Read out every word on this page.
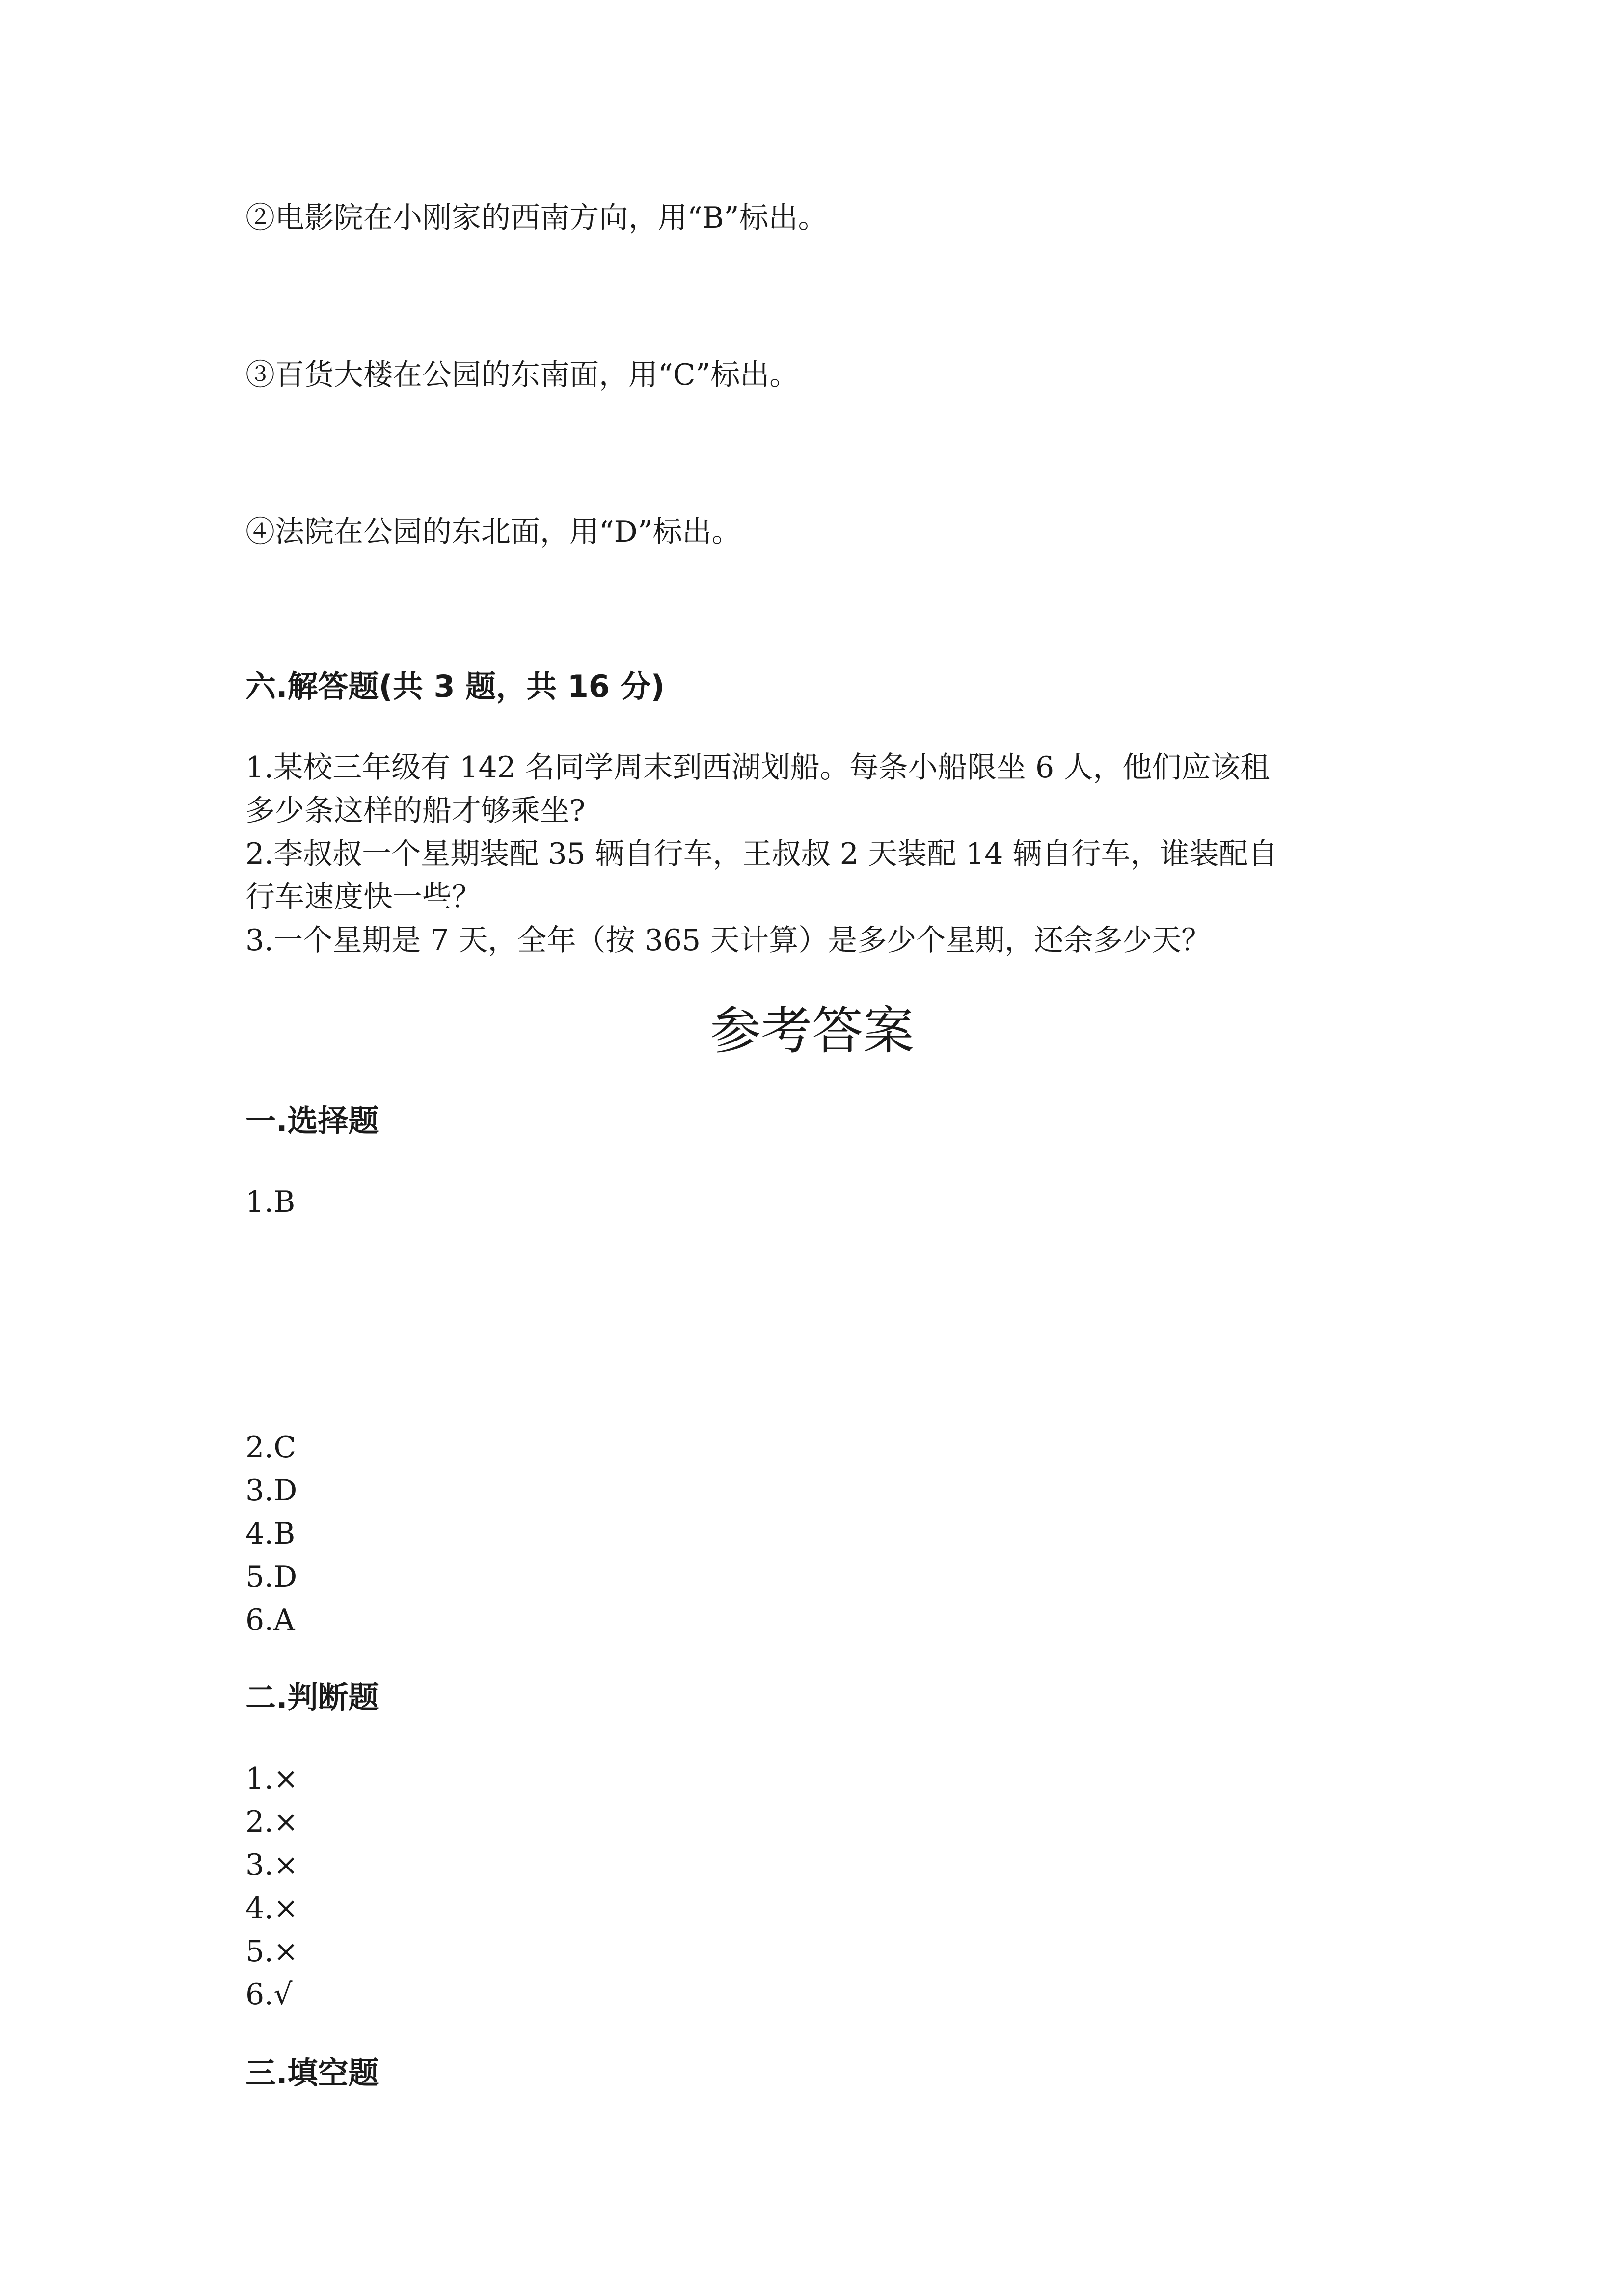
②电影院在小刚家的西南方向，用“B”标出。
③百货大楼在公园的东南面，用“C”标出。
④法院在公园的东北面，用“D”标出。
六.解答题(共 3 题，共 16 分)
1.某校三年级有 142 名同学周末到西湖划船。每条小船限坐 6 人，他们应该租
多少条这样的船才够乘坐?
2.李叔叔一个星期装配 35 辆自行车，王叔叔 2 天装配 14 辆自行车，谁装配自
行车速度快一些？
3.一个星期是 7 天，全年（按 365 天计算）是多少个星期，还余多少天？
参考答案
一.选择题
1.B
2.C
3.D
4.B
5.D
6.A
二.判断题
1.×
2.×
3.×
4.×
5.×
6.√
三.填空题
